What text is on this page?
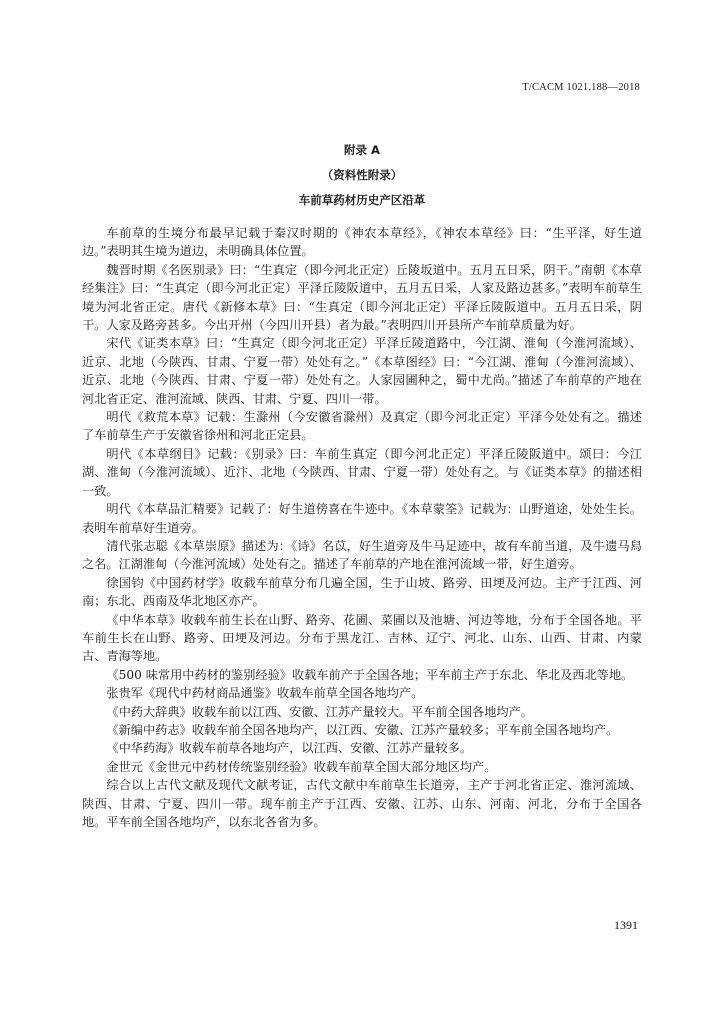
T/CACM 1021.188—2018

附录 A

（资料性附录）

车前草药材历史产区沿革

车前草的生境分布最早记载于秦汉时期的《神农本草经》，《神农本草经》曰：“生平泽，好生道边。”表明其生境为道边，未明确具体位置。

魏晋时期《名医别录》曰：“生真定（即今河北正定）丘陵坂道中。五月五日采，阴干。”南朝《本草经集注》曰：“生真定（即今河北正定）平泽丘陵阪道中，五月五日采，人家及路边甚多。”表明车前草生境为河北省正定。唐代《新修本草》曰：“生真定（即今河北正定）平泽丘陵阪道中。五月五日采，阴干。人家及路旁甚多。今出开州（今四川开县）者为最。”表明四川开县所产车前草质量为好。

宋代《证类本草》曰：“生真定（即今河北正定）平泽丘陵道路中，今江湖、淮甸（今淮河流域）、近京、北地（今陕西、甘肃、宁夏一带）处处有之。”《本草图经》曰：“今江湖、淮甸（今淮河流域）、近京、北地（今陕西、甘肃、宁夏一带）处处有之。人家园圃种之，蜀中尤尚。”描述了车前草的产地在河北省正定、淮河流域、陕西、甘肃、宁夏、四川一带。

明代《救荒本草》记载：生滁州（今安徽省滁州）及真定（即今河北正定）平泽今处处有之。描述了车前草生产于安徽省徐州和河北正定县。

明代《本草纲目》记载：《别录》曰：车前生真定（即今河北正定）平泽丘陵阪道中。颂曰：今江湖、淮甸（今淮河流域）、近汴、北地（今陕西、甘肃、宁夏一带）处处有之。与《证类本草》的描述相一致。

明代《本草品汇精要》记载了：好生道傍喜在牛迹中。《本草蒙筌》记载为：山野道途，处处生长。表明车前草好生道旁。

清代张志聪《本草崇原》描述为：《诗》名苡，好生道旁及牛马足迹中，故有车前当道，及牛遗马舄之名。江湖淮甸（今淮河流域）处处有之。描述了车前草的产地在淮河流域一带，好生道旁。

徐国钧《中国药材学》收载车前草分布几遍全国，生于山坡、路旁、田埂及河边。主产于江西、河南；东北、西南及华北地区亦产。

《中华本草》收载车前生长在山野、路旁、花圃、菜圃以及池塘、河边等地，分布于全国各地。平车前生长在山野、路旁、田埂及河边。分布于黑龙江、吉林、辽宁、河北、山东、山西、甘肃、内蒙古、青海等地。

《500 味常用中药材的鉴别经验》收载车前产于全国各地；平车前主产于东北、华北及西北等地。

张贵军《现代中药材商品通鉴》收载车前草全国各地均产。

《中药大辞典》收载车前以江西、安徽、江苏产量较大。平车前全国各地均产。

《新编中药志》收载车前全国各地均产，以江西、安徽、江苏产量较多；平车前全国各地均产。

《中华药海》收载车前草各地均产，以江西、安徽、江苏产量较多。

金世元《金世元中药材传统鉴别经验》收载车前草全国大部分地区均产。

综合以上古代文献及现代文献考证，古代文献中车前草生长道旁，主产于河北省正定、淮河流域、陕西、甘肃、宁夏、四川一带。现车前主产于江西、安徽、江苏、山东、河南、河北，分布于全国各地。平车前全国各地均产，以东北各省为多。

1391
